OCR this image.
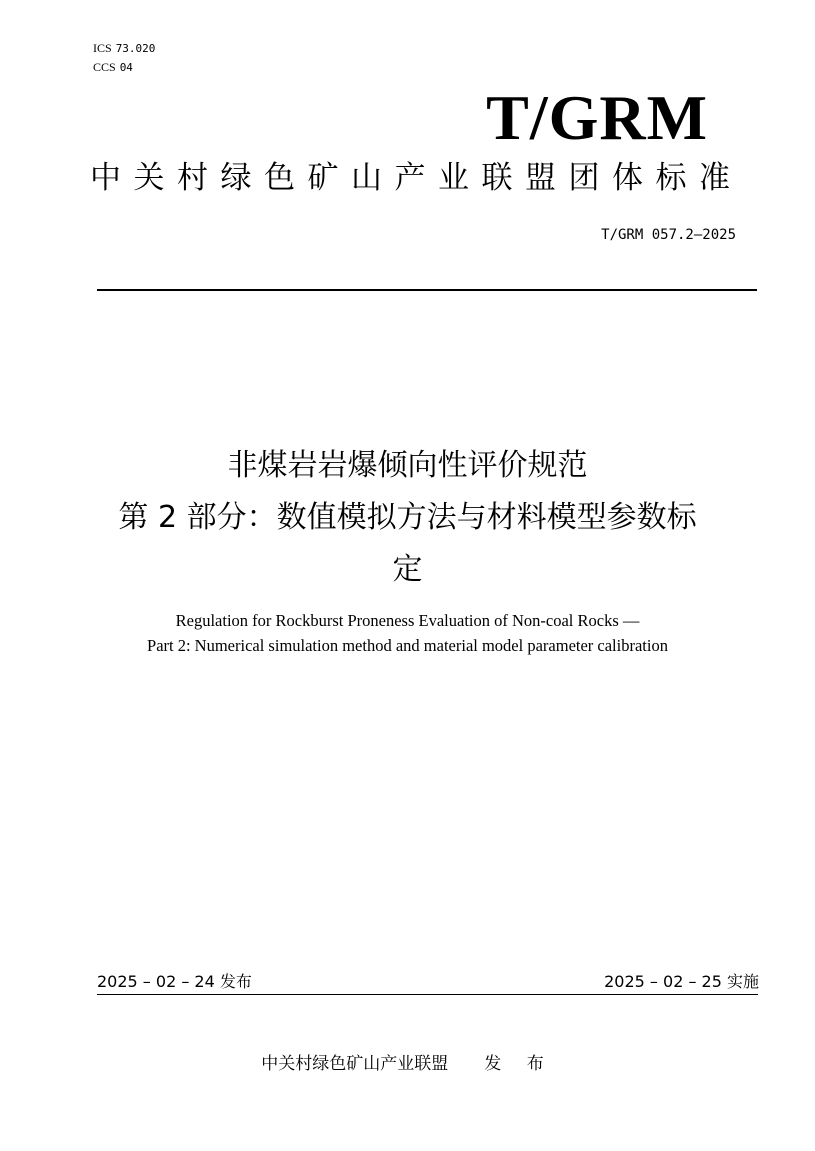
ICS 73.020
CCS 04
T/GRM
中关村绿色矿山产业联盟团体标准
T/GRM 057.2—2025
非煤岩岩爆倾向性评价规范
第 2 部分：数值模拟方法与材料模型参数标
定
Regulation for Rockburst Proneness Evaluation of Non-coal Rocks —
Part 2: Numerical simulation method and material model parameter calibration
2025 – 02 – 24 发布	2025 – 02 – 25 实施
中关村绿色矿山产业联盟 发 布
